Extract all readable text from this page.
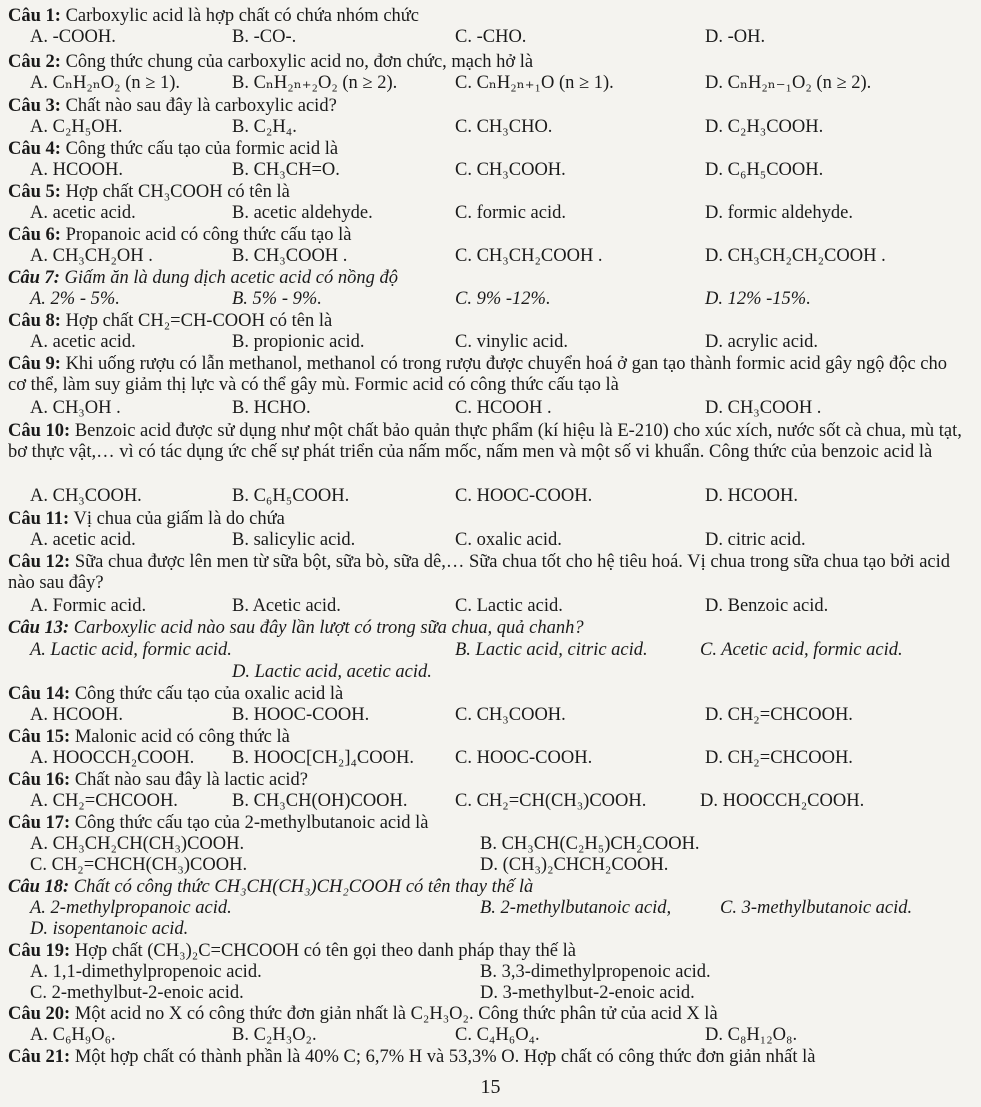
Câu 1: Carboxylic acid là hợp chất có chứa nhóm chức
A. -COOH.	B. -CO-.	C. -CHO.	D. -OH.
Câu 2: Công thức chung của carboxylic acid no, đơn chức, mạch hở là
A. CₙH₂ₙO₂ (n ≥ 1).	B. CₙH₂ₙ₊₂O₂ (n ≥ 2).	C. CₙH₂ₙ₊₁O (n ≥ 1).	D. CₙH₂ₙ₋₁O₂ (n ≥ 2).
Câu 3: Chất nào sau đây là carboxylic acid?
A. C₂H₅OH.	B. C₂H₄.	C. CH₃CHO.	D. C₂H₃COOH.
Câu 4: Công thức cấu tạo của formic acid là
A. HCOOH.	B. CH₃CH=O.	C. CH₃COOH.	D. C₆H₅COOH.
Câu 5: Hợp chất CH₃COOH có tên là
A. acetic acid.	B. acetic aldehyde.	C. formic acid.	D. formic aldehyde.
Câu 6: Propanoic acid có công thức cấu tạo là
A. CH₃CH₂OH .	B. CH₃COOH .	C. CH₃CH₂COOH .	D. CH₃CH₂CH₂COOH .
Câu 7: Giấm ăn là dung dịch acetic acid có nồng độ
A. 2% - 5%.	B. 5% - 9%.	C. 9% -12%.	D. 12% -15%.
Câu 8: Hợp chất CH₂=CH-COOH có tên là
A. acetic acid.	B. propionic acid.	C. vinylic acid.	D. acrylic acid.
Câu 9: Khi uống rượu có lẫn methanol, methanol có trong rượu được chuyển hoá ở gan tạo thành formic acid gây ngộ độc cho cơ thể, làm suy giảm thị lực và có thể gây mù. Formic acid có công thức cấu tạo là
A. CH₃OH .	B. HCHO.	C. HCOOH .	D. CH₃COOH .
Câu 10: Benzoic acid được sử dụng như một chất bảo quản thực phẩm (kí hiệu là E-210) cho xúc xích, nước sốt cà chua, mù tạt, bơ thực vật,… vì có tác dụng ức chế sự phát triển của nấm mốc, nấm men và một số vi khuẩn. Công thức của benzoic acid là
A. CH₃COOH.	B. C₆H₅COOH.	C. HOOC-COOH.	D. HCOOH.
Câu 11: Vị chua của giấm là do chứa
A. acetic acid.	B. salicylic acid.	C. oxalic acid.	D. citric acid.
Câu 12: Sữa chua được lên men từ sữa bột, sữa bò, sữa dê,… Sữa chua tốt cho hệ tiêu hoá. Vị chua trong sữa chua tạo bởi acid nào sau đây?
A. Formic acid.	B. Acetic acid.	C. Lactic acid.	D. Benzoic acid.
Câu 13: Carboxylic acid nào sau đây lần lượt có trong sữa chua, quả chanh?
A. Lactic acid, formic acid.	B. Lactic acid, citric acid.	C. Acetic acid, formic acid.
D. Lactic acid, acetic acid.
Câu 14: Công thức cấu tạo của oxalic acid là
A. HCOOH.	B. HOOC-COOH.	C. CH₃COOH.	D. CH₂=CHCOOH.
Câu 15: Malonic acid có công thức là
A. HOOCCH₂COOH. B. HOOC[CH₂]₄COOH. C. HOOC-COOH.	D. CH₂=CHCOOH.
Câu 16: Chất nào sau đây là lactic acid?
A. CH₂=CHCOOH.	B. CH₃CH(OH)COOH.	C. CH₂=CH(CH₃)COOH.	D. HOOCCH₂COOH.
Câu 17: Công thức cấu tạo của 2-methylbutanoic acid là
A. CH₃CH₂CH(CH₃)COOH.	B. CH₃CH(C₂H₅)CH₂COOH.
C. CH₂=CHCH(CH₃)COOH.	D. (CH₃)₂CHCH₂COOH.
Câu 18: Chất có công thức CH₃CH(CH₃)CH₂COOH có tên thay thế là
A. 2-methylpropanoic acid.	B. 2-methylbutanoic acid,	C. 3-methylbutanoic acid.
D. isopentanoic acid.
Câu 19: Hợp chất (CH₃)₂C=CHCOOH có tên gọi theo danh pháp thay thế là
A. 1,1-dimethylpropenoic acid.	B. 3,3-dimethylpropenoic acid.
C. 2-methylbut-2-enoic acid.	D. 3-methylbut-2-enoic acid.
Câu 20: Một acid no X có công thức đơn giản nhất là C₂H₃O₂. Công thức phân tử của acid X là
A. C₆H₉O₆.	B. C₂H₃O₂.	C. C₄H₆O₄.	D. C₈H₁₂O₈.
Câu 21: Một hợp chất có thành phần là 40% C; 6,7% H và 53,3% O. Hợp chất có công thức đơn giản nhất là
15
